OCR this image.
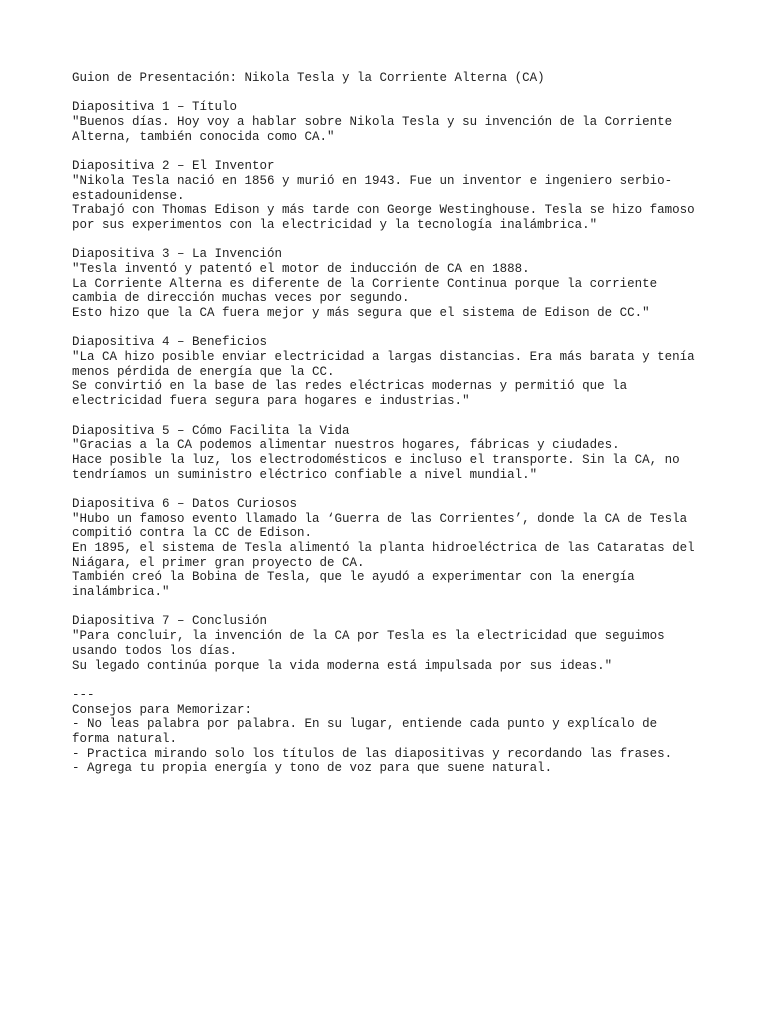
Guion de Presentación: Nikola Tesla y la Corriente Alterna (CA)
Diapositiva 1 – Título
"Buenos días. Hoy voy a hablar sobre Nikola Tesla y su invención de la Corriente
Alterna, también conocida como CA."
Diapositiva 2 – El Inventor
"Nikola Tesla nació en 1856 y murió en 1943. Fue un inventor e ingeniero serbio-
estadounidense.
Trabajó con Thomas Edison y más tarde con George Westinghouse. Tesla se hizo famoso
por sus experimentos con la electricidad y la tecnología inalámbrica."
Diapositiva 3 – La Invención
"Tesla inventó y patentó el motor de inducción de CA en 1888.
La Corriente Alterna es diferente de la Corriente Continua porque la corriente
cambia de dirección muchas veces por segundo.
Esto hizo que la CA fuera mejor y más segura que el sistema de Edison de CC."
Diapositiva 4 – Beneficios
"La CA hizo posible enviar electricidad a largas distancias. Era más barata y tenía
menos pérdida de energía que la CC.
Se convirtió en la base de las redes eléctricas modernas y permitió que la
electricidad fuera segura para hogares e industrias."
Diapositiva 5 – Cómo Facilita la Vida
"Gracias a la CA podemos alimentar nuestros hogares, fábricas y ciudades.
Hace posible la luz, los electrodomésticos e incluso el transporte. Sin la CA, no
tendríamos un suministro eléctrico confiable a nivel mundial."
Diapositiva 6 – Datos Curiosos
"Hubo un famoso evento llamado la ‘Guerra de las Corrientes’, donde la CA de Tesla
compitió contra la CC de Edison.
En 1895, el sistema de Tesla alimentó la planta hidroeléctrica de las Cataratas del
Niágara, el primer gran proyecto de CA.
También creó la Bobina de Tesla, que le ayudó a experimentar con la energía
inalámbrica."
Diapositiva 7 – Conclusión
"Para concluir, la invención de la CA por Tesla es la electricidad que seguimos
usando todos los días.
Su legado continúa porque la vida moderna está impulsada por sus ideas."
---
Consejos para Memorizar:
- No leas palabra por palabra. En su lugar, entiende cada punto y explícalo de
forma natural.
- Practica mirando solo los títulos de las diapositivas y recordando las frases.
- Agrega tu propia energía y tono de voz para que suene natural.
